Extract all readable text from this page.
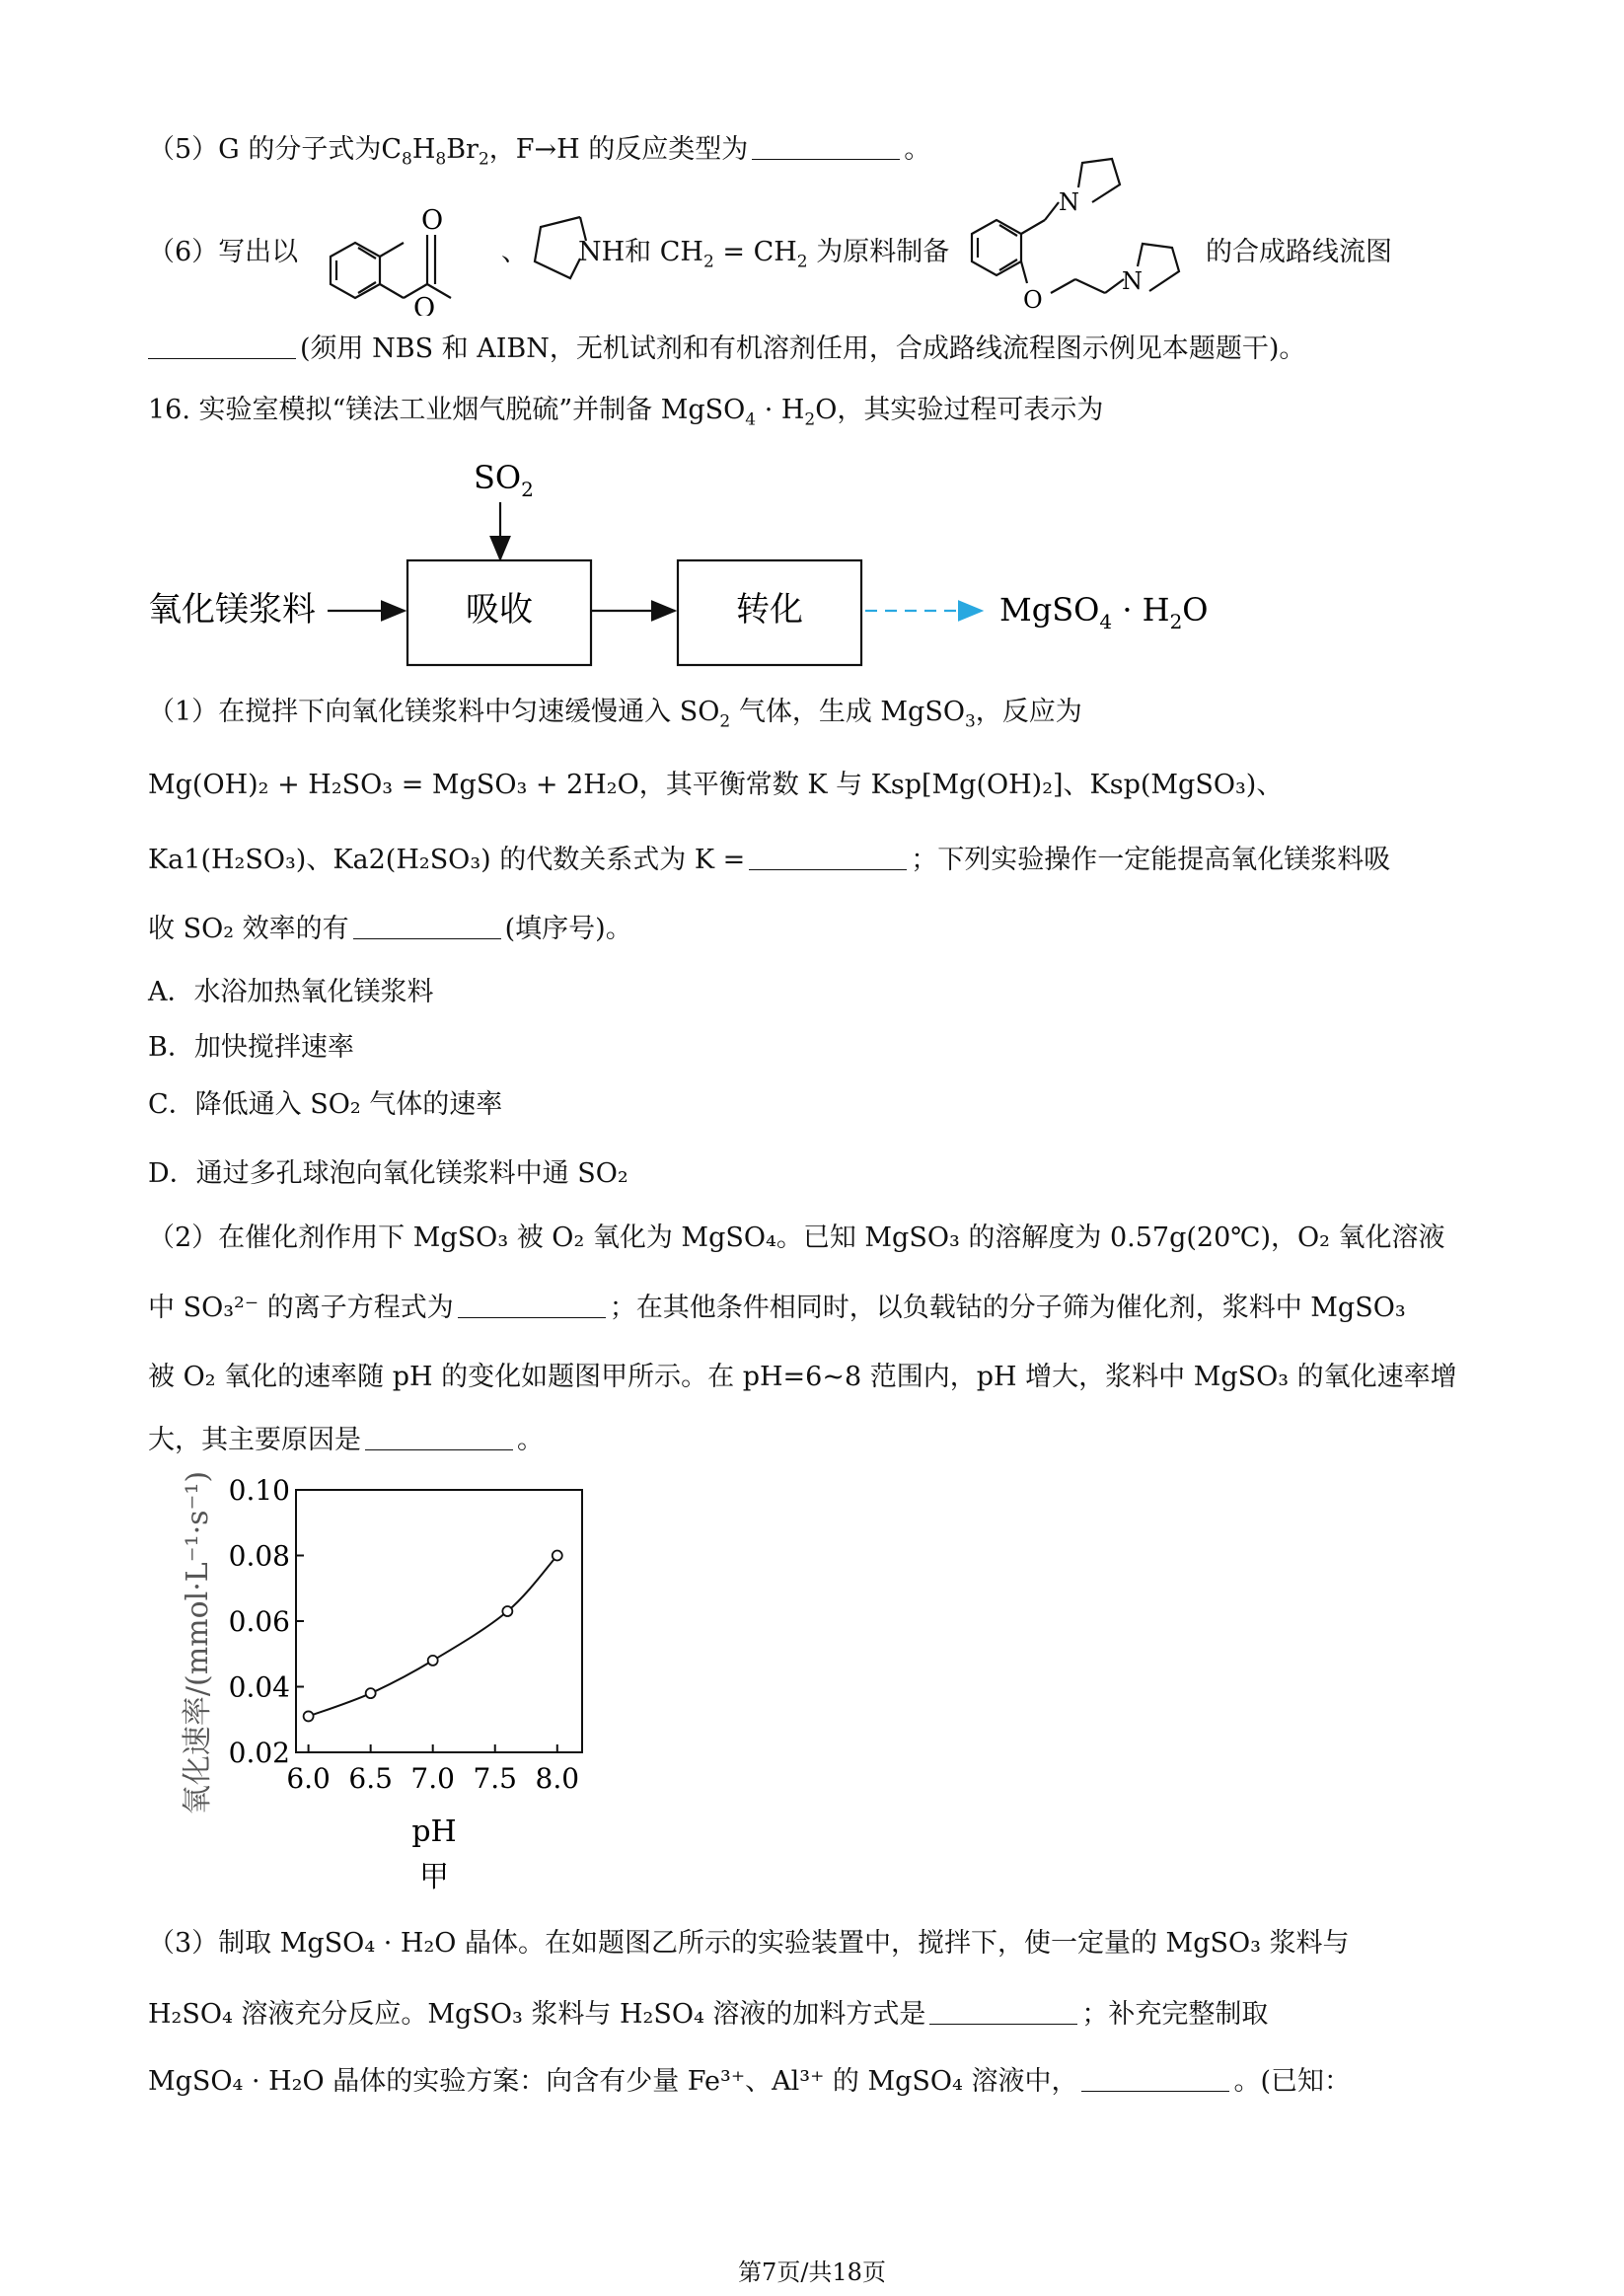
（5）G 的分子式为$C_8H_8Br_2$，F→H 的反应类型为	。
（6）写出以
O
O
、 NH和 $CH_2 = CH_2$ 为原料制备
N
O
N
的合成路线流图
(须用 NBS 和 AIBN，无机试剂和有机溶剂任用，合成路线流程图示例见本题题干)。
16. 实验室模拟“镁法工业烟气脱硫”并制备 MgSO$_4$ · $H_2O$，其实验过程可表示为
$SO_2$
氧化镁浆料	吸收	转化	MgSO$_4$ · $H_2O$
（1）在搅拌下向氧化镁浆料中匀速缓慢通入 $SO_2$ 气体，生成 MgSO$_3$，反应为
Mg(OH)₂ + H₂SO₃ = MgSO₃ + 2H₂O，其平衡常数 K 与 Ksp[Mg(OH)₂]、Ksp(MgSO₃)、
Ka1(H₂SO₃)、Ka2(H₂SO₃) 的代数关系式为 K =	；下列实验操作一定能提高氧化镁浆料吸
收 SO₂ 效率的有	(填序号)。
A．水浴加热氧化镁浆料
B．加快搅拌速率
C．降低通入 SO₂ 气体的速率
D．通过多孔球泡向氧化镁浆料中通 SO₂
（2）在催化剂作用下 MgSO₃ 被 O₂ 氧化为 MgSO₄。已知 MgSO₃ 的溶解度为 0.57g(20℃)，O₂ 氧化溶液
中 SO₃²⁻ 的离子方程式为	；在其他条件相同时，以负载钴的分子筛为催化剂，浆料中 MgSO₃
被 O₂ 氧化的速率随 pH 的变化如题图甲所示。在 pH=6~8 范围内，pH 增大，浆料中 MgSO₃ 的氧化速率增
大，其主要原因是	。
氧化速率/(mmol·L⁻¹·s⁻¹) 0.02
0.04
0.06
0.08
0.10
6.0 6.5 7.0 7.5 8.0
pH
甲
（3）制取 MgSO₄ · H₂O 晶体。在如题图乙所示的实验装置中，搅拌下，使一定量的 MgSO₃ 浆料与
H₂SO₄ 溶液充分反应。MgSO₃ 浆料与 H₂SO₄ 溶液的加料方式是	；补充完整制取
MgSO₄ · H₂O 晶体的实验方案：向含有少量 Fe³⁺、Al³⁺ 的 MgSO₄ 溶液中，	。(已知：
第7页/共18页
